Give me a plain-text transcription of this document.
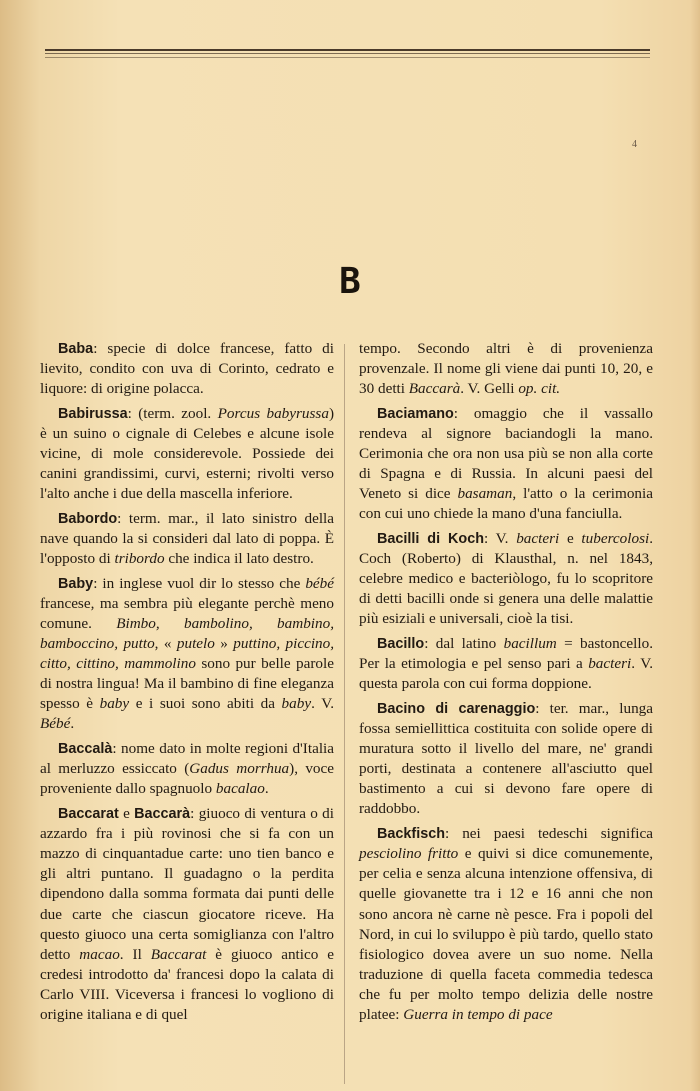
4
B

Baba: specie di dolce francese, fatto di lievito, condito con uva di Corinto, cedrato e liquore: di origine polacca.

Babirussa: (term. zool. Porcus babyrussa) è un suino o cignale di Celebes e alcune isole vicine, di mole considerevole. Possiede dei canini grandissimi, curvi, esterni; rivolti verso l'alto anche i due della mascella inferiore.

Babordo: term. mar., il lato sinistro della nave quando la si consideri dal lato di poppa. È l'opposto di tribordo che indica il lato destro.

Baby: in inglese vuol dir lo stesso che bébé francese, ma sembra più elegante perchè meno comune. Bimbo, bambolino, bambino, bamboccino, putto, « putelo » puttino, piccino, citto, cittino, mammolino sono pur belle parole di nostra lingua! Ma il bambino di fine eleganza spesso è baby e i suoi sono abiti da baby. V. Bébé.

Baccalà: nome dato in molte regioni d'Italia al merluzzo essiccato (Gadus morrhua), voce proveniente dallo spagnuolo bacalao.

Baccarat e Baccarà: giuoco di ventura o di azzardo fra i più rovinosi che si fa con un mazzo di cinquantadue carte: uno tien banco e gli altri puntano. Il guadagno o la perdita dipendono dalla somma formata dai punti delle due carte che ciascun giocatore riceve. Ha questo giuoco una certa somiglianza con l'altro detto macao. Il Baccarat è giuoco antico e credesi introdotto da' francesi dopo la calata di Carlo VIII. Viceversa i francesi lo vogliono di origine italiana e di quel

tempo. Secondo altri è di provenienza provenzale. Il nome gli viene dai punti 10, 20, e 30 detti Baccarà. V. Gelli op. cit.

Baciamano: omaggio che il vassallo rendeva al signore baciandogli la mano. Cerimonia che ora non usa più se non alla corte di Spagna e di Russia. In alcuni paesi del Veneto si dice basaman, l'atto o la cerimonia con cui uno chiede la mano d'una fanciulla.

Bacilli di Koch: V. bacteri e tubercolosi. Coch (Roberto) di Klausthal, n. nel 1843, celebre medico e bacteriòlogo, fu lo scopritore di detti bacilli onde si genera una delle malattie più esiziali e universali, cioè la tisi.

Bacillo: dal latino bacillum = bastoncello. Per la etimologia e pel senso pari a bacteri. V. questa parola con cui forma doppione.

Bacino di carenaggio: ter. mar., lunga fossa semiellittica costituita con solide opere di muratura sotto il livello del mare, ne' grandi porti, destinata a contenere all'asciutto quel bastimento a cui si devono fare opere di raddobbo.

Backfisch: nei paesi tedeschi significa pesciolino fritto e quivi si dice comunemente, per celia e senza alcuna intenzione offensiva, di quelle giovanette tra i 12 e 16 anni che non sono ancora nè carne nè pesce. Fra i popoli del Nord, in cui lo sviluppo è più tardo, quello stato fisiologico dovea avere un suo nome. Nella traduzione di quella faceta commedia tedesca che fu per molto tempo delizia delle nostre platee: Guerra in tempo di pace
